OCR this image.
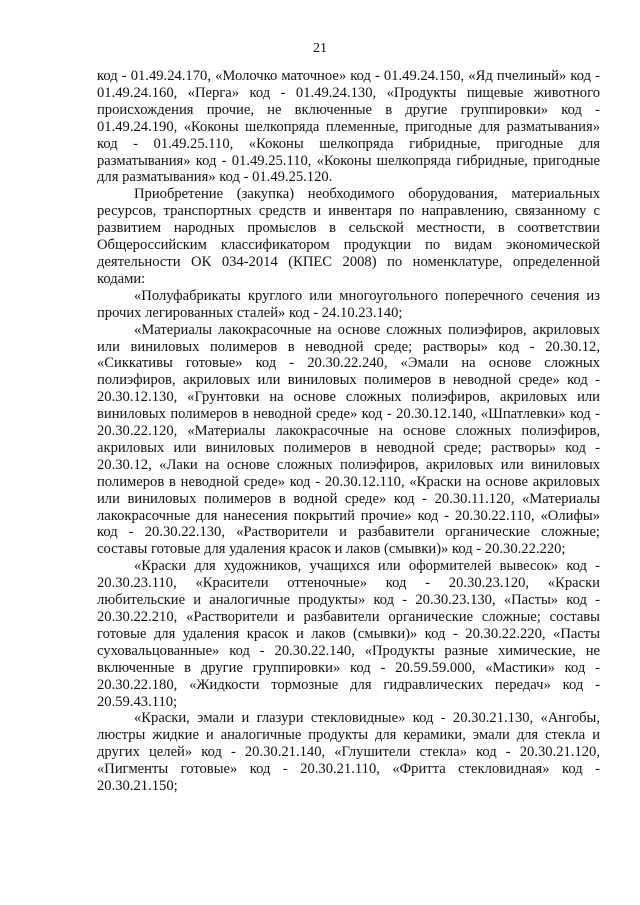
21

код - 01.49.24.170, «Молочко маточное» код - 01.49.24.150, «Яд пчелиный» код - 01.49.24.160, «Перга» код - 01.49.24.130, «Продукты пищевые животного происхождения прочие, не включенные в другие группировки» код - 01.49.24.190, «Коконы шелкопряда племенные, пригодные для разматывания» код - 01.49.25.110, «Коконы шелкопряда гибридные, пригодные для разматывания» код - 01.49.25.110, «Коконы шелкопряда гибридные, пригодные для разматывания» код - 01.49.25.120.

Приобретение (закупка) необходимого оборудования, материальных ресурсов, транспортных средств и инвентаря по направлению, связанному с развитием народных промыслов в сельской местности, в соответствии Общероссийским классификатором продукции по видам экономической деятельности ОК 034-2014 (КПЕС 2008) по номенклатуре, определенной кодами:

«Полуфабрикаты круглого или многоугольного поперечного сечения из прочих легированных сталей» код - 24.10.23.140;

«Материалы лакокрасочные на основе сложных полиэфиров, акриловых или виниловых полимеров в неводной среде; растворы» код - 20.30.12, «Сиккативы готовые» код - 20.30.22.240, «Эмали на основе сложных полиэфиров, акриловых или виниловых полимеров в неводной среде» код - 20.30.12.130, «Грунтовки на основе сложных полиэфиров, акриловых или виниловых полимеров в неводной среде» код - 20.30.12.140, «Шпатлевки» код - 20.30.22.120, «Материалы лакокрасочные на основе сложных полиэфиров, акриловых или виниловых полимеров в неводной среде; растворы» код - 20.30.12, «Лаки на основе сложных полиэфиров, акриловых или виниловых полимеров в неводной среде» код - 20.30.12.110, «Краски на основе акриловых или виниловых полимеров в водной среде» код - 20.30.11.120, «Материалы лакокрасочные для нанесения покрытий прочие» код - 20.30.22.110, «Олифы» код - 20.30.22.130, «Растворители и разбавители органические сложные; составы готовые для удаления красок и лаков (смывки)» код - 20.30.22.220;

«Краски для художников, учащихся или оформителей вывесок» код - 20.30.23.110, «Красители оттеночные» код - 20.30.23.120, «Краски любительские и аналогичные продукты» код - 20.30.23.130, «Пасты» код - 20.30.22.210, «Растворители и разбавители органические сложные; составы готовые для удаления красок и лаков (смывки)» код - 20.30.22.220, «Пасты суховальцованные» код - 20.30.22.140, «Продукты разные химические, не включенные в другие группировки» код - 20.59.59.000, «Мастики» код - 20.30.22.180, «Жидкости тормозные для гидравлических передач» код - 20.59.43.110;

«Краски, эмали и глазури стекловидные» код - 20.30.21.130, «Ангобы, люстры жидкие и аналогичные продукты для керамики, эмали для стекла и других целей» код - 20.30.21.140, «Глушители стекла» код - 20.30.21.120, «Пигменты готовые» код - 20.30.21.110, «Фритта стекловидная» код - 20.30.21.150;
